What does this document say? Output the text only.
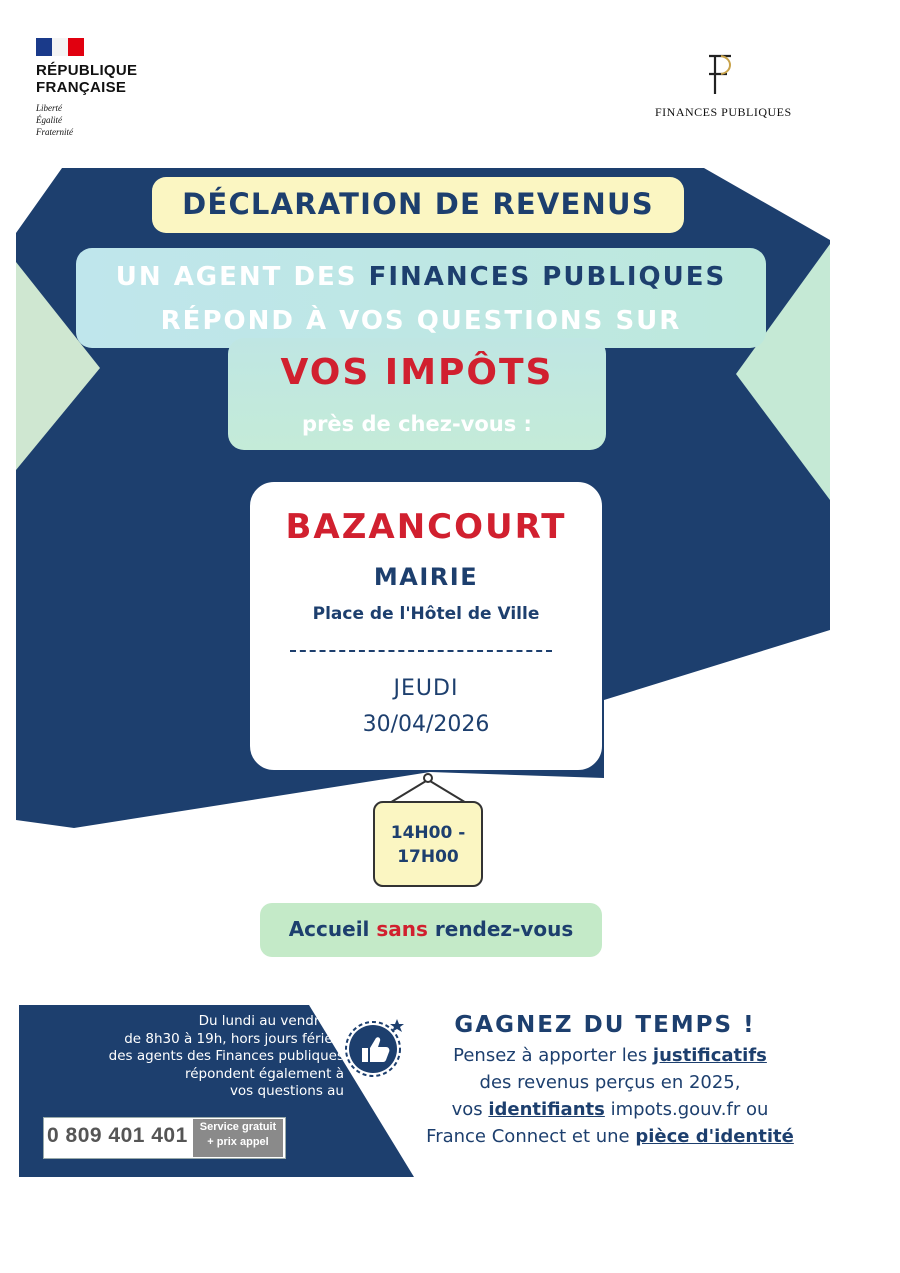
RÉPUBLIQUE
FRANÇAISE
Liberté
Égalité
Fraternité
FINANCES PUBLIQUES
DÉCLARATION DE REVENUS
UN AGENT DES FINANCES PUBLIQUES
RÉPOND À VOS QUESTIONS SUR
VOS IMPÔTS
près de chez-vous :
BAZANCOURT
MAIRIE
Place de l'Hôtel de Ville
JEUDI
30/04/2026
14H00 -
17H00
Accueil sans rendez-vous
Du lundi au vendredi,
de 8h30 à 19h, hors jours fériés,
des agents des Finances publiques
répondent également à
vos questions au
0 809 401 401	Service gratuit
+ prix appel
GAGNEZ DU TEMPS !
Pensez à apporter les justificatifs
des revenus perçus en 2025,
vos identifiants impots.gouv.fr ou
France Connect et une pièce d'identité
